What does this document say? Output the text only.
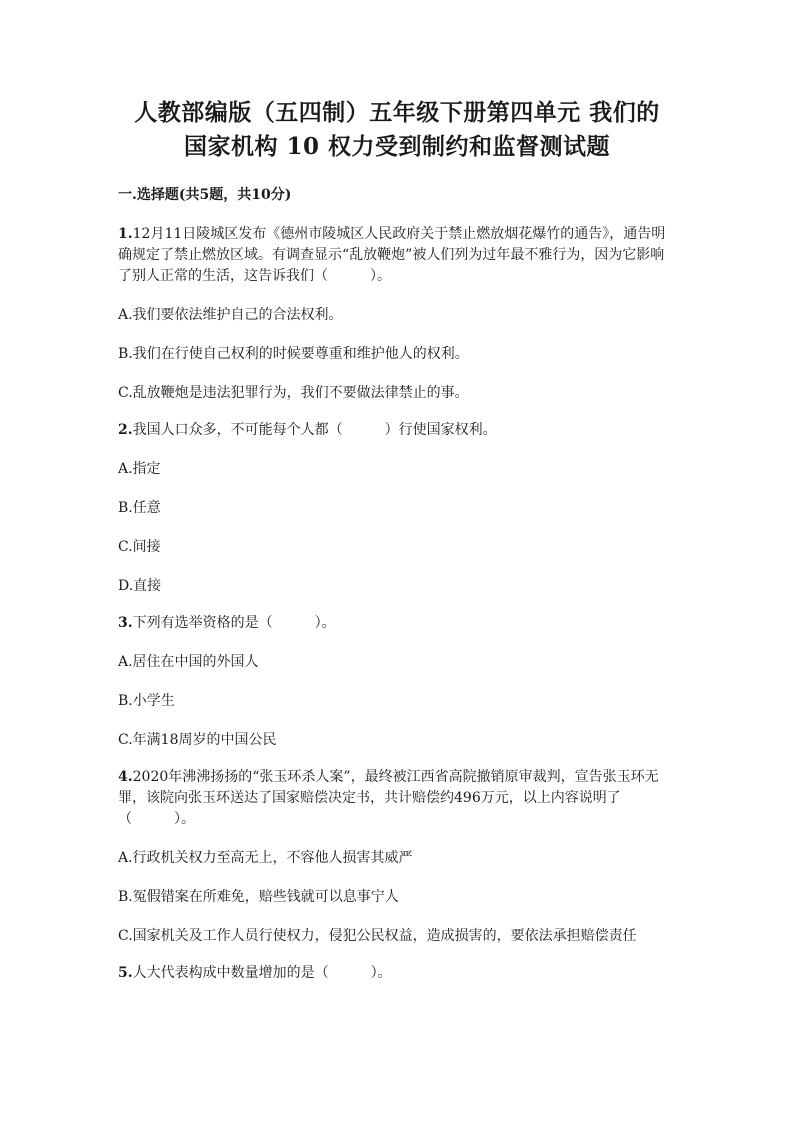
人教部编版（五四制）五年级下册第四单元 我们的
国家机构 10 权力受到制约和监督测试题
一.选择题(共5题，共10分)
1.12月11日陵城区发布《德州市陵城区人民政府关于禁止燃放烟花爆竹的通告》，通告明确规定了禁止燃放区域。有调查显示“乱放鞭炮”被人们列为过年最不雅行为，因为它影响了别人正常的生活，这告诉我们（　　　）。
A.我们要依法维护自己的合法权利。
B.我们在行使自己权利的时候要尊重和维护他人的权利。
C.乱放鞭炮是违法犯罪行为，我们不要做法律禁止的事。
2.我国人口众多，不可能每个人都（　　　）行使国家权利。
A.指定
B.任意
C.间接
D.直接
3.下列有选举资格的是（　　　）。
A.居住在中国的外国人
B.小学生
C.年满18周岁的中国公民
4.2020年沸沸扬扬的“张玉环杀人案”，最终被江西省高院撤销原审裁判，宣告张玉环无罪，该院向张玉环送达了国家赔偿决定书，共计赔偿约496万元，以上内容说明了（　　　）。
A.行政机关权力至高无上，不容他人损害其威严
B.冤假错案在所难免，赔些钱就可以息事宁人
C.国家机关及工作人员行使权力，侵犯公民权益，造成损害的，要依法承担赔偿责任
5.人大代表构成中数量增加的是（　　　）。
